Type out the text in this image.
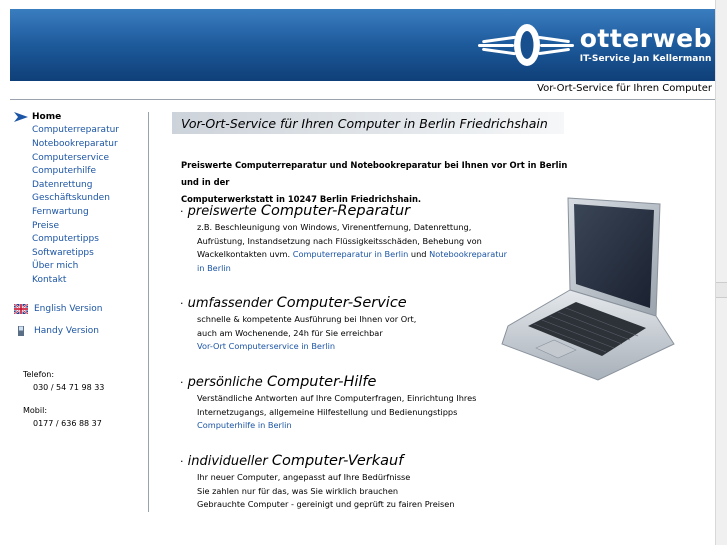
otterweb
IT-Service Jan Kellermann
Vor-Ort-Service für Ihren Computer
Home
Computerreparatur
Notebookreparatur
Computerservice
Computerhilfe
Datenrettung
Geschäftskunden
Fernwartung
Preise
Computertipps
Softwaretipps
Über mich
Kontakt
English Version
Handy Version
Telefon:
030 / 54 71 98 33
Mobil:
0177 / 636 88 37
Vor-Ort-Service für Ihren Computer in Berlin Friedrichshain
Preiswerte Computerreparatur und Notebookreparatur bei Ihnen vor Ort in Berlin und in der
Computerwerkstatt in 10247 Berlin Friedrichshain.
· preiswerte Computer-Reparatur
z.B. Beschleunigung von Windows, Virenentfernung, Datenrettung,
Aufrüstung, Instandsetzung nach Flüssigkeitsschäden, Behebung von
Wackelkontakten uvm. Computerreparatur in Berlin und Notebookreparatur
in Berlin
· umfassender Computer-Service
schnelle & kompetente Ausführung bei Ihnen vor Ort,
auch am Wochenende, 24h für Sie erreichbar
Vor-Ort Computerservice in Berlin
· persönliche Computer-Hilfe
Verständliche Antworten auf Ihre Computerfragen, Einrichtung Ihres
Internetzugangs, allgemeine Hilfestellung und Bedienungstipps
Computerhilfe in Berlin
· individueller Computer-Verkauf
Ihr neuer Computer, angepasst auf Ihre Bedürfnisse
Sie zahlen nur für das, was Sie wirklich brauchen
Gebrauchte Computer - gereinigt und geprüft zu fairen Preisen
